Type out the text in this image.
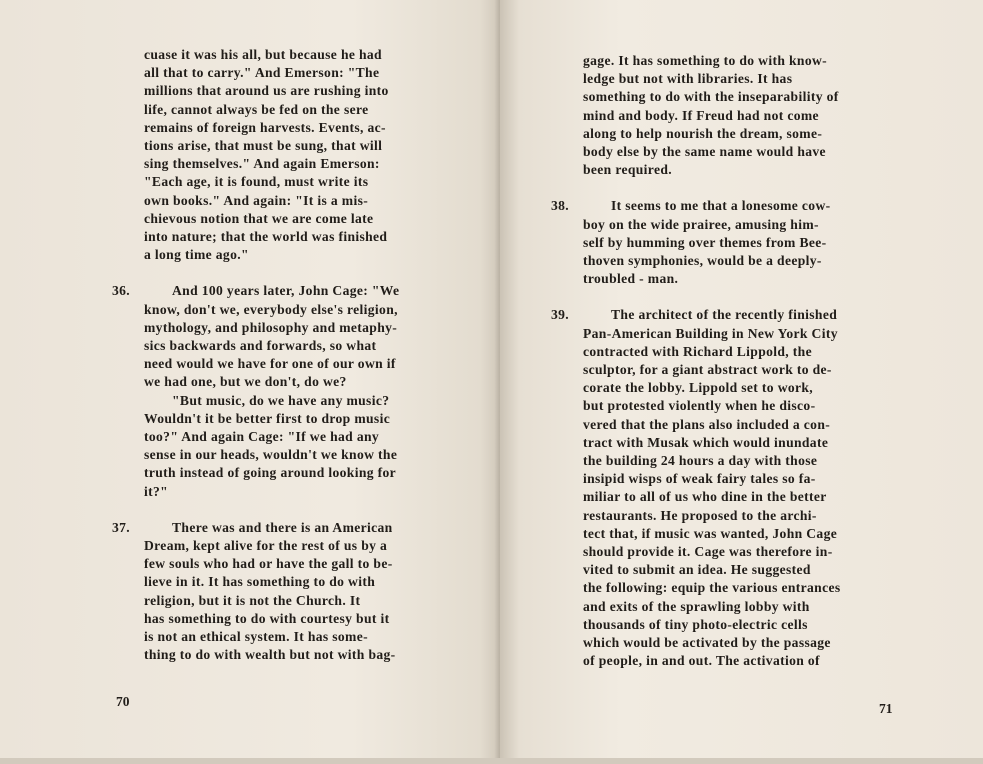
cuase it was his all, but because he had
all that to carry." And Emerson: "The
millions that around us are rushing into
life, cannot always be fed on the sere
remains of foreign harvests. Events, ac-
tions arise, that must be sung, that will
sing themselves." And again Emerson:
"Each age, it is found, must write its
own books." And again: "It is a mis-
chievous notion that we are come late
into nature; that the world was finished
a long time ago."

36.	And 100 years later, John Cage: "We
know, don't we, everybody else's religion,
mythology, and philosophy and metaphy-
sics backwards and forwards, so what
need would we have for one of our own if
we had one, but we don't, do we?

"But music, do we have any music?
Wouldn't it be better first to drop music
too?" And again Cage: "If we had any
sense in our heads, wouldn't we know the
truth instead of going around looking for
it?"

37.	There was and there is an American
Dream, kept alive for the rest of us by a
few souls who had or have the gall to be-
lieve in it. It has something to do with
religion, but it is not the Church. It
has something to do with courtesy but it
is not an ethical system. It has some-
thing to do with wealth but not with bag-

70

gage. It has something to do with know-
ledge but not with libraries. It has
something to do with the inseparability of
mind and body. If Freud had not come
along to help nourish the dream, some-
body else by the same name would have
been required.

38.	It seems to me that a lonesome cow-
boy on the wide prairee, amusing him-
self by humming over themes from Bee-
thoven symphonies, would be a deeply-
troubled - man.

39.	The architect of the recently finished
Pan-American Building in New York City
contracted with Richard Lippold, the
sculptor, for a giant abstract work to de-
corate the lobby. Lippold set to work,
but protested violently when he disco-
vered that the plans also included a con-
tract with Musak which would inundate
the building 24 hours a day with those
insipid wisps of weak fairy tales so fa-
miliar to all of us who dine in the better
restaurants. He proposed to the archi-
tect that, if music was wanted, John Cage
should provide it. Cage was therefore in-
vited to submit an idea. He suggested
the following: equip the various entrances
and exits of the sprawling lobby with
thousands of tiny photo-electric cells
which would be activated by the passage
of people, in and out. The activation of

71
